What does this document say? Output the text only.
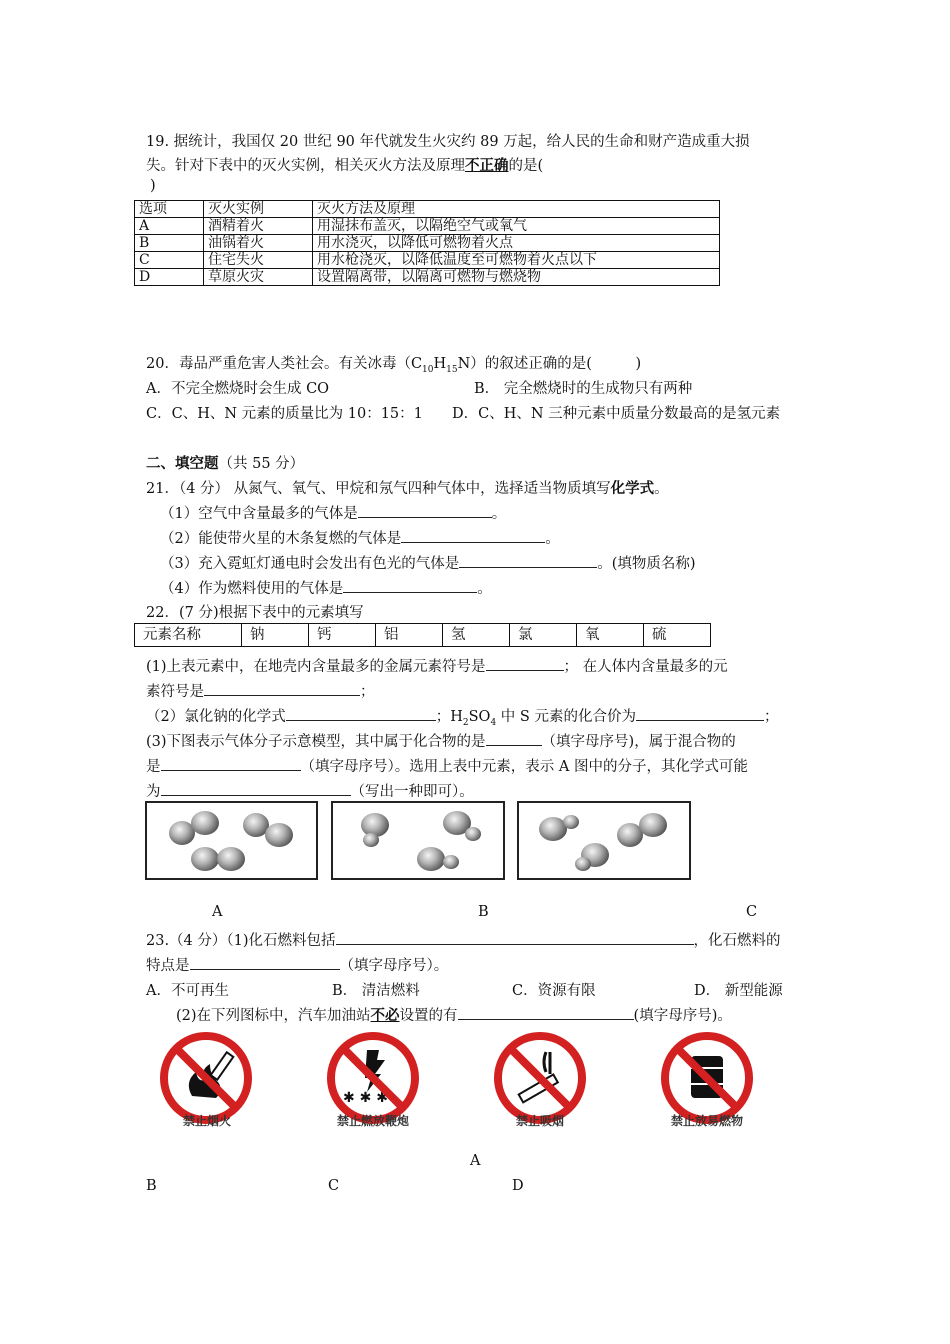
19. 据统计，我国仅 20 世纪 90 年代就发生火灾约 89 万起，给人民的生命和财产造成重大损
失。针对下表中的灭火实例，相关灭火方法及原理不正确的是(
)
选项	灭火实例	灭火方法及原理
A	酒精着火	用湿抹布盖灭，以隔绝空气或氧气
B	油锅着火	用水浇灭，以降低可燃物着火点
C	住宅失火	用水枪浇灭，以降低温度至可燃物着火点以下
D	草原火灾	设置隔离带，以隔离可燃物与燃烧物
20．毒品严重危害人类社会。有关冰毒$(C_{10}H_{15}N)$的叙述正确的是(　　　)
A．不完全燃烧时会生成 CO	B． 完全燃烧时的生成物只有两种
C．C、H、N 元素的质量比为 10：15：1 D．C、H、N 三种元素中质量分数最高的是氢元素
二、填空题（共 55 分）
21．（4 分） 从氮气、氧气、甲烷和氖气四种气体中，选择适当物质填写化学式。
（1）空气中含量最多的气体是	。
（2）能使带火星的木条复燃的气体是	。
（3）充入霓虹灯通电时会发出有色光的气体是	。(填物质名称)
（4）作为燃料使用的气体是	。
22．(7 分)根据下表中的元素填写
元素名称	钠	钙	铝	氢	氯	氧	硫
(1)上表元素中，在地壳内含量最多的金属元素符号是	； 在人体内含量最多的元
素符号是	；
（2）氯化钠的化学式	；$H_2SO_4$ 中 S 元素的化合价为	；
(3)下图表示气体分子示意模型，其中属于化合物的是	（填字母序号)，属于混合物的
是	（填字母序号）。选用上表中元素，表示 A 图中的分子，其化学式可能
为	（写出一种即可）。
A	B	C
23.（4 分）（1)化石燃料包括	，化石燃料的
特点是	（填字母序号）。
A．不可再生	B． 清洁燃料	C．资源有限	D． 新型能源
(2)在下列图标中，汽车加油站不必设置的有	(填字母序号)。
✱ ✱ ✱
禁止烟火	禁止燃放鞭炮	禁止吸烟	禁止放易燃物
A
B	C	D
